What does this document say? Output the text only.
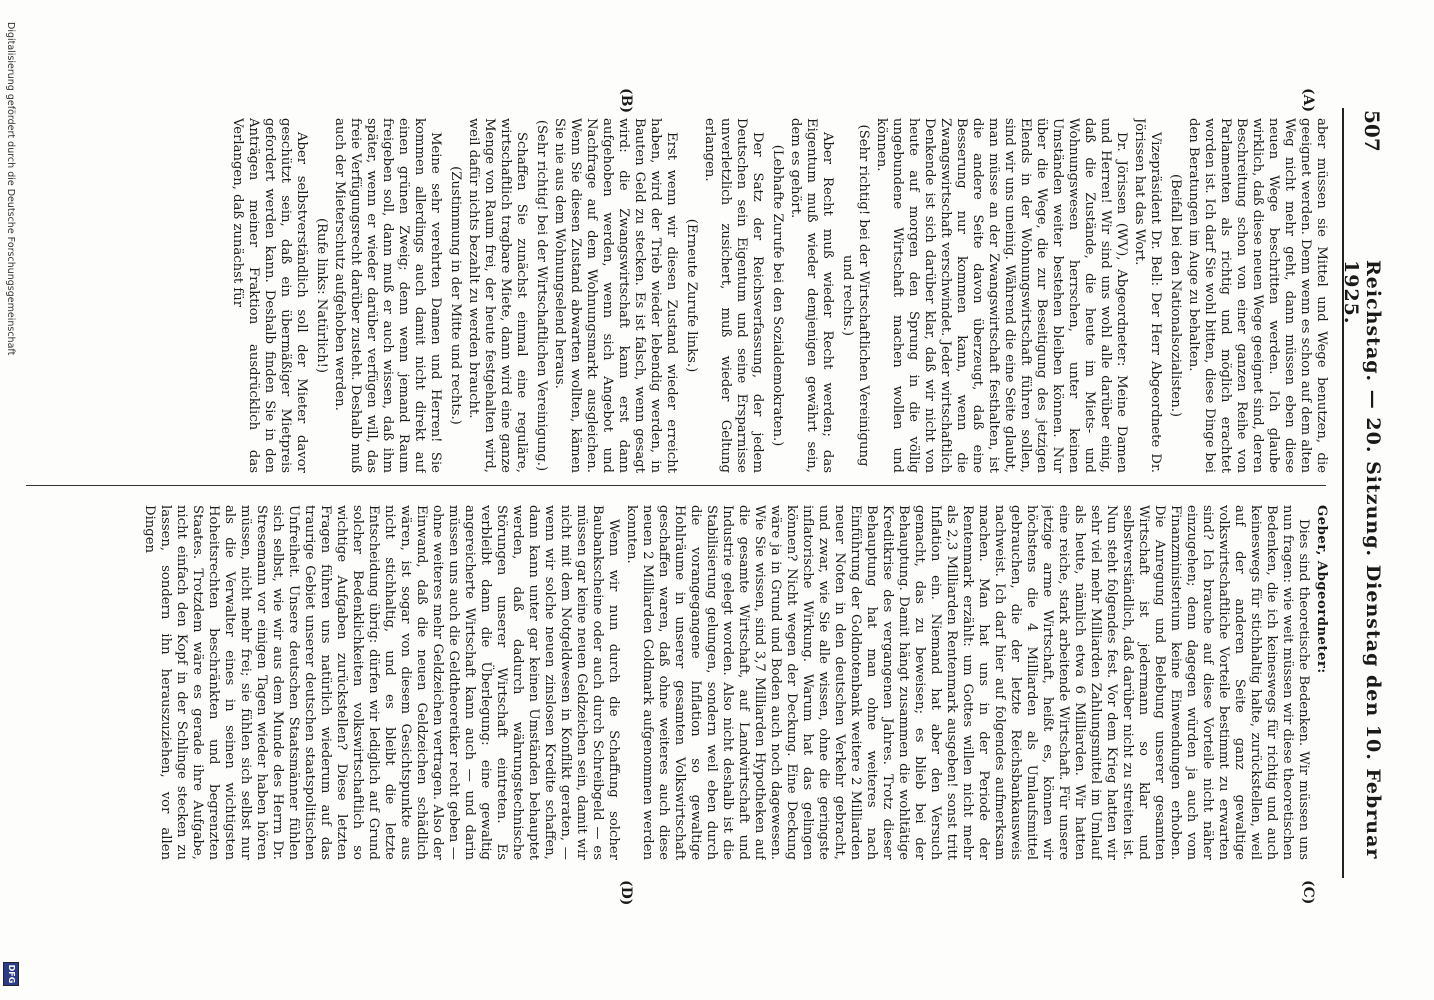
507
Reichstag. — 20. Sitzung. Dienstag den 10. Februar 1925.
(C)
(D)
(A)
(B)

aber müssen sie Mittel und Wege benutzen, die geeignet werden. Denn wenn es schon auf dem alten Weg nicht mehr geht, dann müssen eben diese neuen Wege beschritten werden. Ich glaube wirklich, daß diese neuen Wege geeignet sind, deren Beschreitung schon von einer ganzen Reihe von Parlamenten als richtig und möglich erachtet worden ist. Ich darf Sie wohl bitten, diese Dinge bei den Beratungen im Auge zu behalten.

(Beifall bei den Nationalsozialisten.)

Vizepräsident Dr. Bell: Der Herr Abgeordnete Dr. Jörissen hat das Wort.

Dr. Jörissen (WV), Abgeordneter: Meine Damen und Herren! Wir sind uns wohl alle darüber einig, daß die Zustände, die heute im Miets- und Wohnungswesen herrschen, unter keinen Umständen weiter bestehen bleiben können. Nur über die Wege, die zur Beseitigung des jetzigen Elends in der Wohnungswirtschaft führen sollen, sind wir uns uneinig. Während die eine Seite glaubt, man müsse an der Zwangswirtschaft festhalten, ist die andere Seite davon überzeugt, daß eine Besserung nur kommen kann, wenn die Zwangswirtschaft verschwindet. Jeder wirtschaftlich Denkende ist sich darüber klar, daß wir nicht von heute auf morgen den Sprung in die völlig ungebundene Wirtschaft machen wollen und können.

(Sehr richtig! bei der Wirtschaftlichen Vereinigung und rechts.)

Aber Recht muß wieder Recht werden; das Eigentum muß wieder demjenigen gewährt sein, dem es gehört.

(Lebhafte Zurufe bei den Sozialdemokraten.)

Der Satz der Reichsverfassung, der jedem Deutschen sein Eigentum und seine Ersparnisse unverletzlich zusichert, muß wieder Geltung erlangen.

(Erneute Zurufe links.)

Erst wenn wir diesen Zustand wieder erreicht haben, wird der Trieb wieder lebendig werden, in Bauten Geld zu stecken. Es ist falsch, wenn gesagt wird: die Zwangswirtschaft kann erst dann aufgehoben werden, wenn sich Angebot und Nachfrage auf dem Wohnungsmarkt ausgleichen. Wenn Sie diesen Zustand abwarten wollten, kämen Sie nie aus dem Wohnungselend heraus.

(Sehr richtig! bei der Wirtschaftlichen Vereinigung.)

Schaffen Sie zunächst einmal eine reguläre, wirtschaftlich tragbare Miete, dann wird eine ganze Menge von Raum frei, der heute festgehalten wird, weil dafür nichts bezahlt zu werden braucht.

(Zustimmung in der Mitte und rechts.)

Meine sehr verehrten Damen und Herren! Sie kommen allerdings auch damit nicht direkt auf einen grünen Zweig; denn wenn jemand Raum freigeben soll, dann muß er auch wissen, daß ihm später, wenn er wieder darüber verfügen will, das freie Verfügungsrecht darüber zusteht. Deshalb muß auch der Mieterschutz aufgehoben werden.

(Rufe links: Natürlich!)

Aber selbstverständlich soll der Mieter davor geschützt sein, daß ein übermäßiger Mietpreis gefordert werden kann. Deshalb finden Sie in den Anträgen meiner Fraktion ausdrücklich das Verlangen, daß zunächst für

Geber, Abgeordneter:

Dies sind theoretische Bedenken. Wir müssen uns nun fragen: wie weit müssen wir diese theoretischen Bedenken, die ich keineswegs für richtig und auch keineswegs für stichhaltig halte, zurückstellen, weil auf der anderen Seite ganz gewaltige volkswirtschaftliche Vorteile bestimmt zu erwarten sind? Ich brauche auf diese Vorteile nicht näher einzugehen; denn dagegen würden ja auch vom Finanzministerium keine Einwendungen erhoben. Die Anregung und Belebung unserer gesamten Wirtschaft ist jedermann so klar und selbstverständlich, daß darüber nicht zu streiten ist. Nun steht folgendes fest. Vor dem Krieg hatten wir sehr viel mehr Milliarden Zahlungsmittel im Umlauf als heute, nämlich etwa 6 Milliarden. Wir hatten eine reiche, stark arbeitende Wirtschaft. Für unsere jetzige arme Wirtschaft, heißt es, können wir höchstens die 4 Milliarden als Umlaufsmittel gebrauchen, die der letzte Reichsbankausweis nachweist. Ich darf hier auf folgendes aufmerksam machen. Man hat uns in der Periode der Rentenmark erzählt: um Gottes willen nicht mehr als 2,3 Milliarden Rentenmark ausgeben! sonst tritt Inflation ein. Niemand hat aber den Versuch gemacht, das zu beweisen; es blieb bei der Behauptung. Damit hängt zusammen die wohltätige Kreditkrise des vergangenen Jahres. Trotz dieser Behauptung hat man ohne weiteres nach Einführung der Goldnotenbank weitere 2 Milliarden neuer Noten in den deutschen Verkehr gebracht, und zwar, wie Sie alle wissen, ohne die geringste inflatorische Wirkung. Warum hat das gelingen können? Nicht wegen der Deckung. Eine Deckung wäre ja in Grund und Boden auch noch dagewesen. Wie Sie wissen, sind 3,7 Milliarden Hypotheken auf die gesamte Wirtschaft, auf Landwirtschaft und Industrie gelegt worden. Also nicht deshalb ist die Stabilisierung gelungen, sondern weil eben durch die vorangegangene Inflation so gewaltige Hohlräume in unserer gesamten Volkswirtschaft geschaffen waren, daß ohne weiteres auch diese neuen 2 Milliarden Goldmark aufgenommen werden konnten.

Wenn wir nun durch die Schaffung solcher Baubankscheine oder auch durch Schreibgeld — es müssen gar keine neuen Geldzeichen sein, damit wir nicht mit dem Notgeldwesen in Konflikt geraten, — wenn wir solche neuen zinslosen Kredite schaffen, dann kann unter gar keinen Umständen behauptet werden, daß dadurch währungstechnische Störungen unserer Wirtschaft eintreten. Es verbleibt dann die Überlegung: eine gewaltig angereicherte Wirtschaft kann auch — und darin müssen uns auch die Geldtheoretiker recht geben — ohne weiteres mehr Geldzeichen vertragen. Also der Einwand, daß die neuen Geldzeichen schädlich wären, ist sogar von diesem Gesichtspunkte aus nicht stichhaltig, und es bleibt die letzte Entscheidung übrig: dürfen wir lediglich auf Grund solcher Bedenklichkeiten volkswirtschaftlich so wichtige Aufgaben zurückstellen? Diese letzten Fragen führen uns natürlich wiederum auf das traurige Gebiet unserer deutschen staatspolitischen Unfreiheit. Unsere deutschen Staatsmänner fühlen sich selbst, wie wir aus dem Munde des Herrn Dr. Stresemann vor einigen Tagen wieder haben hören müssen, nicht mehr frei; sie fühlen sich selbst nur als die Verwalter eines in seinen wichtigsten Hoheitsrechten beschränkten und begrenzten Staates. Trotzdem wäre es gerade ihre Aufgabe, nicht einfach den Kopf in der Schlinge stecken zu lassen, sondern ihn herauszuziehen, vor allen Dingen

Digitalisierung gefördert durch die Deutsche Forschungsgemeinschaft
DFG
